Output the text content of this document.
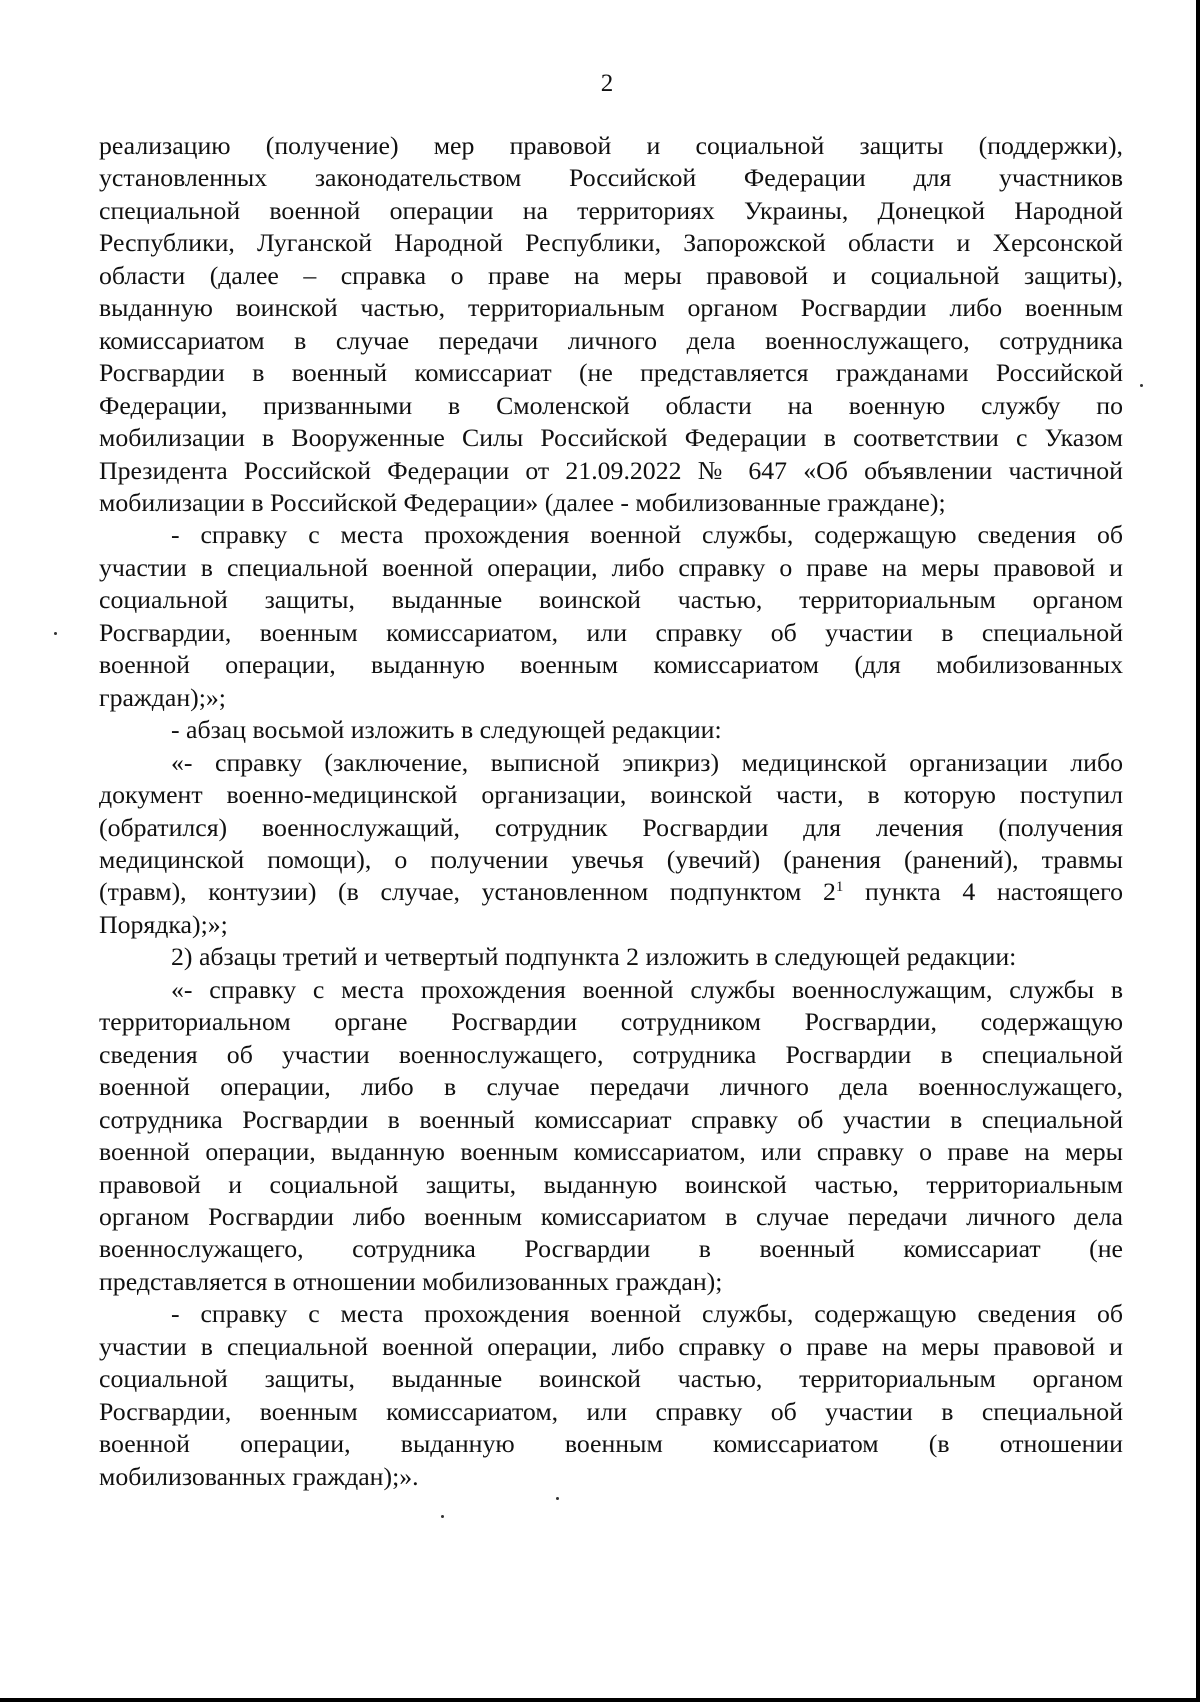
2

реализацию (получение) мер правовой и социальной защиты (поддержки),
установленных законодательством Российской Федерации для участников
специальной военной операции на территориях Украины, Донецкой Народной
Республики, Луганской Народной Республики, Запорожской области и Херсонской
области (далее – справка о праве на меры правовой и социальной защиты),
выданную воинской частью, территориальным органом Росгвардии либо военным
комиссариатом в случае передачи личного дела военнослужащего, сотрудника
Росгвардии в военный комиссариат (не представляется гражданами Российской
Федерации, призванными в Смоленской области на военную службу по
мобилизации в Вооруженные Силы Российской Федерации в соответствии с Указом
Президента Российской Федерации от 21.09.2022 № 647 «Об объявлении частичной
мобилизации в Российской Федерации» (далее - мобилизованные граждане);

- справку с места прохождения военной службы, содержащую сведения об
участии в специальной военной операции, либо справку о праве на меры правовой и
социальной защиты, выданные воинской частью, территориальным органом
Росгвардии, военным комиссариатом, или справку об участии в специальной
военной операции, выданную военным комиссариатом (для мобилизованных
граждан);»;

- абзац восьмой изложить в следующей редакции:

«- справку (заключение, выписной эпикриз) медицинской организации либо
документ военно-медицинской организации, воинской части, в которую поступил
(обратился) военнослужащий, сотрудник Росгвардии для лечения (получения
медицинской помощи), о получении увечья (увечий) (ранения (ранений), травмы
(травм), контузии) (в случае, установленном подпунктом $2^1$ пункта 4 настоящего
Порядка);»;

2) абзацы третий и четвертый подпункта 2 изложить в следующей редакции:

«- справку с места прохождения военной службы военнослужащим, службы в
территориальном органе Росгвардии сотрудником Росгвардии, содержащую
сведения об участии военнослужащего, сотрудника Росгвардии в специальной
военной операции, либо в случае передачи личного дела военнослужащего,
сотрудника Росгвардии в военный комиссариат справку об участии в специальной
военной операции, выданную военным комиссариатом, или справку о праве на меры
правовой и социальной защиты, выданную воинской частью, территориальным
органом Росгвардии либо военным комиссариатом в случае передачи личного дела
военнослужащего, сотрудника Росгвардии в военный комиссариат (не
представляется в отношении мобилизованных граждан);

- справку с места прохождения военной службы, содержащую сведения об
участии в специальной военной операции, либо справку о праве на меры правовой и
социальной защиты, выданные воинской частью, территориальным органом
Росгвардии, военным комиссариатом, или справку об участии в специальной
военной операции, выданную военным комиссариатом (в отношении
мобилизованных граждан);».
